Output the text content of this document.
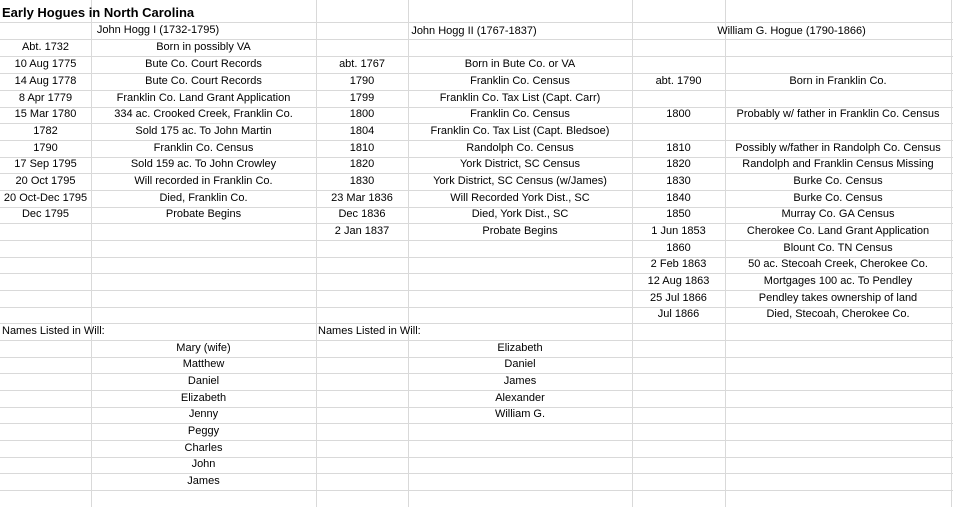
Early Hogues in North Carolina
John Hogg I (1732-1795)	John Hogg II (1767-1837)	William G. Hogue (1790-1866)
Abt. 1732	Born in possibly VA
10 Aug 1775	Bute Co. Court Records
14 Aug 1778	Bute Co. Court Records
8 Apr 1779	Franklin Co. Land Grant Application
15 Mar 1780	334 ac. Crooked Creek, Franklin Co.
1782	Sold 175 ac. To John Martin
1790	Franklin Co. Census
17 Sep 1795	Sold 159 ac. To John Crowley
20 Oct 1795	Will recorded in Franklin Co.
20 Oct-Dec 1795	Died, Franklin Co.
Dec 1795	Probate Begins
abt. 1767	Born in Bute Co. or VA
1790	Franklin Co. Census
1799	Franklin Co. Tax List (Capt. Carr)
1800	Franklin Co. Census
1804	Franklin Co. Tax List (Capt. Bledsoe)
1810	Randolph Co. Census
1820	York District, SC Census
1830	York District, SC Census (w/James)
23 Mar 1836	Will Recorded York Dist., SC
Dec 1836	Died, York Dist., SC
2 Jan 1837	Probate Begins
abt. 1790	Born in Franklin Co.
1800	Probably w/ father in Franklin Co. Census
1810	Possibly w/father in Randolph Co. Census
1820	Randolph and Franklin Census Missing
1830	Burke Co. Census
1840	Burke Co. Census
1850	Murray Co. GA Census
1 Jun 1853	Cherokee Co. Land Grant Application
1860	Blount Co. TN Census
2 Feb 1863	50 ac. Stecoah Creek, Cherokee Co.
12 Aug 1863	Mortgages 100 ac. To Pendley
25 Jul 1866	Pendley takes ownership of land
Jul 1866	Died, Stecoah, Cherokee Co.
Names Listed in Will:	Names Listed in Will:
Mary (wife)
Matthew
Daniel
Elizabeth
Jenny
Peggy
Charles
John
James
Elizabeth
Daniel
James
Alexander
William G.
